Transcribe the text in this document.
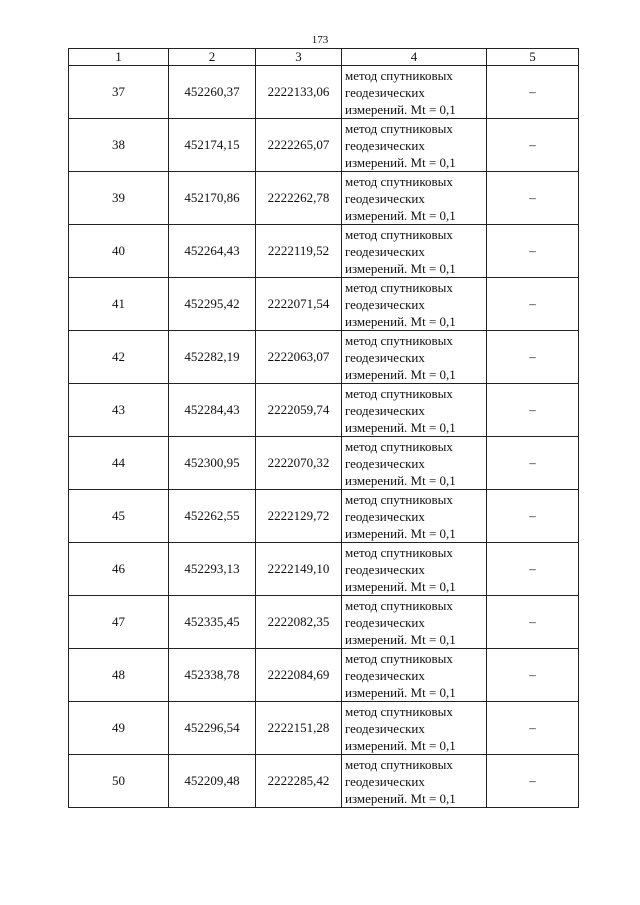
173
1	2	3	4	5
37	452260,37	2222133,06	метод спутниковых
геодезических
измерений. Mt = 0,1	–
38	452174,15	2222265,07	метод спутниковых
геодезических
измерений. Mt = 0,1	–
39	452170,86	2222262,78	метод спутниковых
геодезических
измерений. Mt = 0,1	–
40	452264,43	2222119,52	метод спутниковых
геодезических
измерений. Mt = 0,1	–
41	452295,42	2222071,54	метод спутниковых
геодезических
измерений. Mt = 0,1	–
42	452282,19	2222063,07	метод спутниковых
геодезических
измерений. Mt = 0,1	–
43	452284,43	2222059,74	метод спутниковых
геодезических
измерений. Mt = 0,1	–
44	452300,95	2222070,32	метод спутниковых
геодезических
измерений. Mt = 0,1	–
45	452262,55	2222129,72	метод спутниковых
геодезических
измерений. Mt = 0,1	–
46	452293,13	2222149,10	метод спутниковых
геодезических
измерений. Mt = 0,1	–
47	452335,45	2222082,35	метод спутниковых
геодезических
измерений. Mt = 0,1	–
48	452338,78	2222084,69	метод спутниковых
геодезических
измерений. Mt = 0,1	–
49	452296,54	2222151,28	метод спутниковых
геодезических
измерений. Mt = 0,1	–
50	452209,48	2222285,42	метод спутниковых
геодезических
измерений. Mt = 0,1	–
